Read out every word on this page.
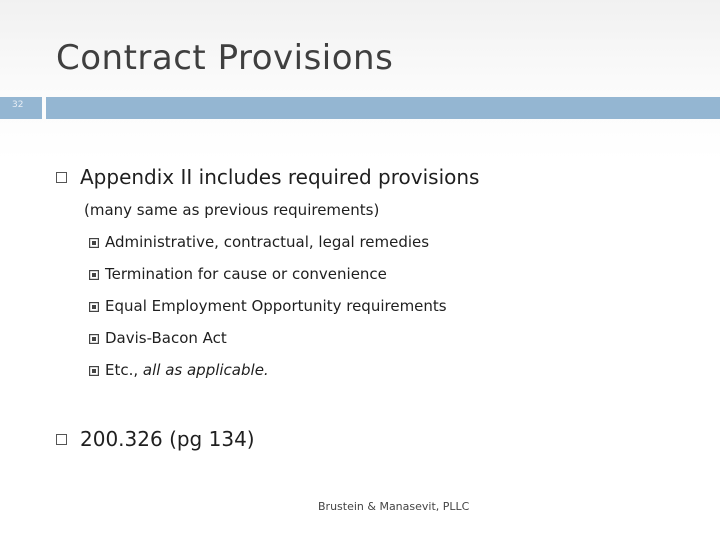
Contract Provisions
32
Appendix II includes required provisions
(many same as previous requirements)
Administrative, contractual, legal remedies
Termination for cause or convenience
Equal Employment Opportunity requirements
Davis-Bacon Act
Etc., all as applicable.
200.326 (pg 134)
Brustein & Manasevit, PLLC
